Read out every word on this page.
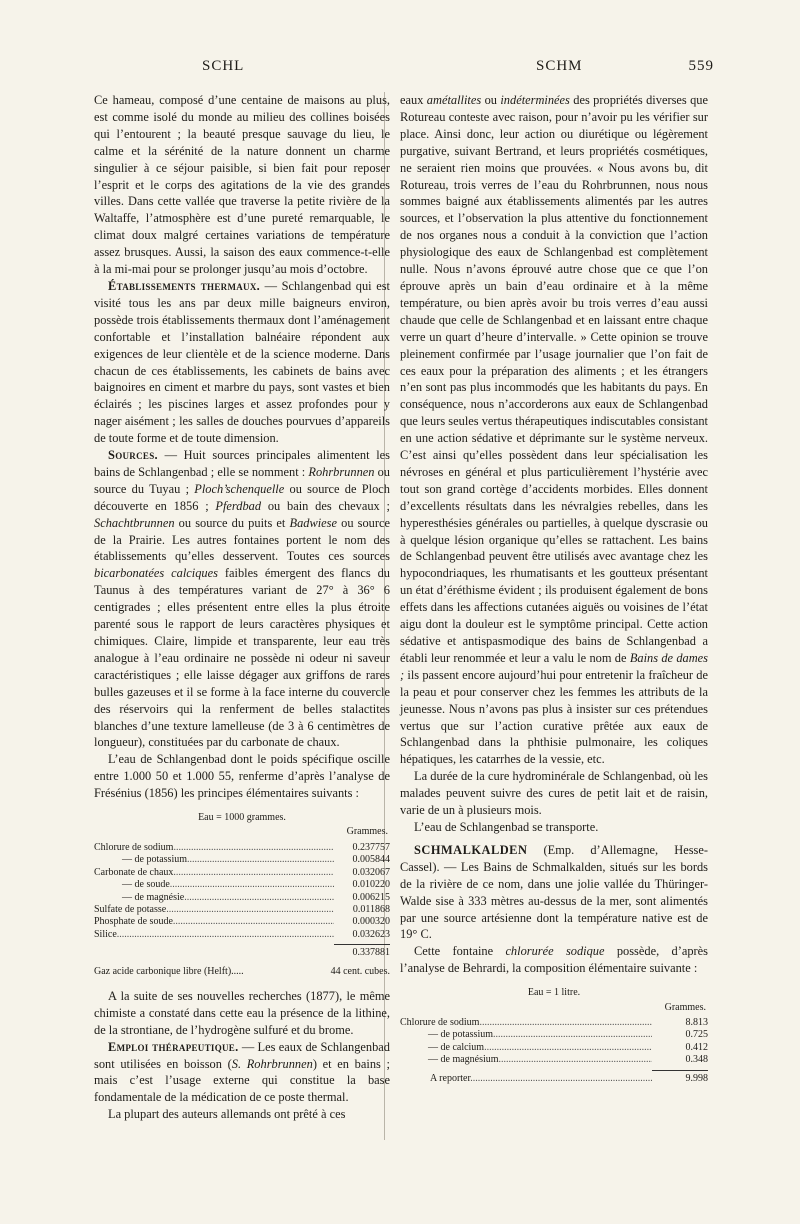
SCHL	SCHM	559

Ce hameau, composé d’une centaine de maisons au plus, est comme isolé du monde au milieu des collines boisées qui l’entourent ; la beauté presque sauvage du lieu, le calme et la sérénité de la nature donnent un charme singulier à ce séjour paisible, si bien fait pour reposer l’esprit et le corps des agitations de la vie des grandes villes. Dans cette vallée que traverse la petite rivière de la Waltaffe, l’atmosphère est d’une pureté remarquable, le climat doux malgré certaines variations de température assez brusques. Aussi, la saison des eaux commence-t-elle à la mi-mai pour se prolonger jusqu’au mois d’octobre.

Établissements thermaux. — Schlangenbad qui est visité tous les ans par deux mille baigneurs environ, possède trois établissements thermaux dont l’aménagement confortable et l’installation balnéaire répondent aux exigences de leur clientèle et de la science moderne. Dans chacun de ces établissements, les cabinets de bains avec baignoires en ciment et marbre du pays, sont vastes et bien éclairés ; les piscines larges et assez profondes pour y nager aisément ; les salles de douches pourvues d’appareils de toute forme et de toute dimension.

Sources. — Huit sources principales alimentent les bains de Schlangenbad ; elle se nomment : Rohrbrunnen ou source du Tuyau ; Ploch’schenquelle ou source de Ploch découverte en 1856 ; Pferdbad ou bain des chevaux ; Schachtbrunnen ou source du puits et Badwiese ou source de la Prairie. Les autres fontaines portent le nom des établissements qu’elles desservent. Toutes ces sources bicarbonatées calciques faibles émergent des flancs du Taunus à des températures variant de 27° à 36° 6 centigrades ; elles présentent entre elles la plus étroite parenté sous le rapport de leurs caractères physiques et chimiques. Claire, limpide et transparente, leur eau très analogue à l’eau ordinaire ne possède ni odeur ni saveur caractéristiques ; elle laisse dégager aux griffons de rares bulles gazeuses et il se forme à la face interne du couvercle des réservoirs qui la renferment de belles stalactites blanches d’une texture lamelleuse (de 3 à 6 centimètres de longueur), constituées par du carbonate de chaux.

L’eau de Schlangenbad dont le poids spécifique oscille entre 1.000 50 et 1.000 55, renferme d’après l’analyse de Frésénius (1856) les principes élémentaires suivants :

Eau = 1000 grammes.
Grammes.
Chlorure de sodium .....	0.237757
— de potassium .....	0.005844
Carbonate de chaux .....	0.032067
— de soude .....	0.010220
— de magnésie .....	0.006215
Sulfate de potasse .....	0.011868
Phosphate de soude .....	0.000320
Silice .....	0.032623
0.337881
Gaz acide carbonique libre (Helft).....	44 cent. cubes.

A la suite de ses nouvelles recherches (1877), le même chimiste a constaté dans cette eau la présence de la lithine, de la strontiane, de l’hydrogène sulfuré et du brome.

Emploi thérapeutique. — Les eaux de Schlangenbad sont utilisées en boisson (S. Rohrbrunnen) et en bains ; mais c’est l’usage externe qui constitue la base fondamentale de la médication de ce poste thermal.

La plupart des auteurs allemands ont prêté à ces

eaux amétallites ou indéterminées des propriétés diverses que Rotureau conteste avec raison, pour n’avoir pu les vérifier sur place. Ainsi donc, leur action ou diurétique ou légèrement purgative, suivant Bertrand, et leurs propriétés cosmétiques, ne seraient rien moins que prouvées. « Nous avons bu, dit Rotureau, trois verres de l’eau du Rohrbrunnen, nous nous sommes baigné aux établissements alimentés par les autres sources, et l’observation la plus attentive du fonctionnement de nos organes nous a conduit à la conviction que l’action physiologique des eaux de Schlangenbad est complètement nulle. Nous n’avons éprouvé autre chose que ce que l’on éprouve après un bain d’eau ordinaire et à la même température, ou bien après avoir bu trois verres d’eau aussi chaude que celle de Schlangenbad et en laissant entre chaque verre un quart d’heure d’intervalle. » Cette opinion se trouve pleinement confirmée par l’usage journalier que l’on fait de ces eaux pour la préparation des aliments ; et les étrangers n’en sont pas plus incommodés que les habitants du pays. En conséquence, nous n’accorderons aux eaux de Schlangenbad que leurs seules vertus thérapeutiques indiscutables consistant en une action sédative et déprimante sur le système nerveux. C’est ainsi qu’elles possèdent dans leur spécialisation les névroses en général et plus particulièrement l’hystérie avec tout son grand cortège d’accidents morbides. Elles donnent d’excellents résultats dans les névralgies rebelles, dans les hyperesthésies générales ou partielles, à quelque dyscrasie ou à quelque lésion organique qu’elles se rattachent. Les bains de Schlangenbad peuvent être utilisés avec avantage chez les hypocondriaques, les rhumatisants et les goutteux présentant un état d’éréthisme évident ; ils produisent également de bons effets dans les affections cutanées aiguës ou voisines de l’état aigu dont la douleur est le symptôme principal. Cette action sédative et antispasmodique des bains de Schlangenbad a établi leur renommée et leur a valu le nom de Bains de dames ; ils passent encore aujourd’hui pour entretenir la fraîcheur de la peau et pour conserver chez les femmes les attributs de la jeunesse. Nous n’avons pas plus à insister sur ces prétendues vertus que sur l’action curative prêtée aux eaux de Schlangenbad dans la phthisie pulmonaire, les coliques hépatiques, les catarrhes de la vessie, etc.

La durée de la cure hydrominérale de Schlangenbad, où les malades peuvent suivre des cures de petit lait et de raisin, varie de un à plusieurs mois.

L’eau de Schlangenbad se transporte.

SCHMALKALDEN (Emp. d’Allemagne, Hesse-Cassel). — Les Bains de Schmalkalden, situés sur les bords de la rivière de ce nom, dans une jolie vallée du Thüringer-Walde sise à 333 mètres au-dessus de la mer, sont alimentés par une source artésienne dont la température native est de 19° C.

Cette fontaine chlorurée sodique possède, d’après l’analyse de Behrardi, la composition élémentaire suivante :

Eau = 1 litre.
Grammes.
Chlorure de sodium .....	8.813
— de potassium .....	0.725
— de calcium .....	0.412
— de magnésium .....	0.348
A reporter .....	9.998
